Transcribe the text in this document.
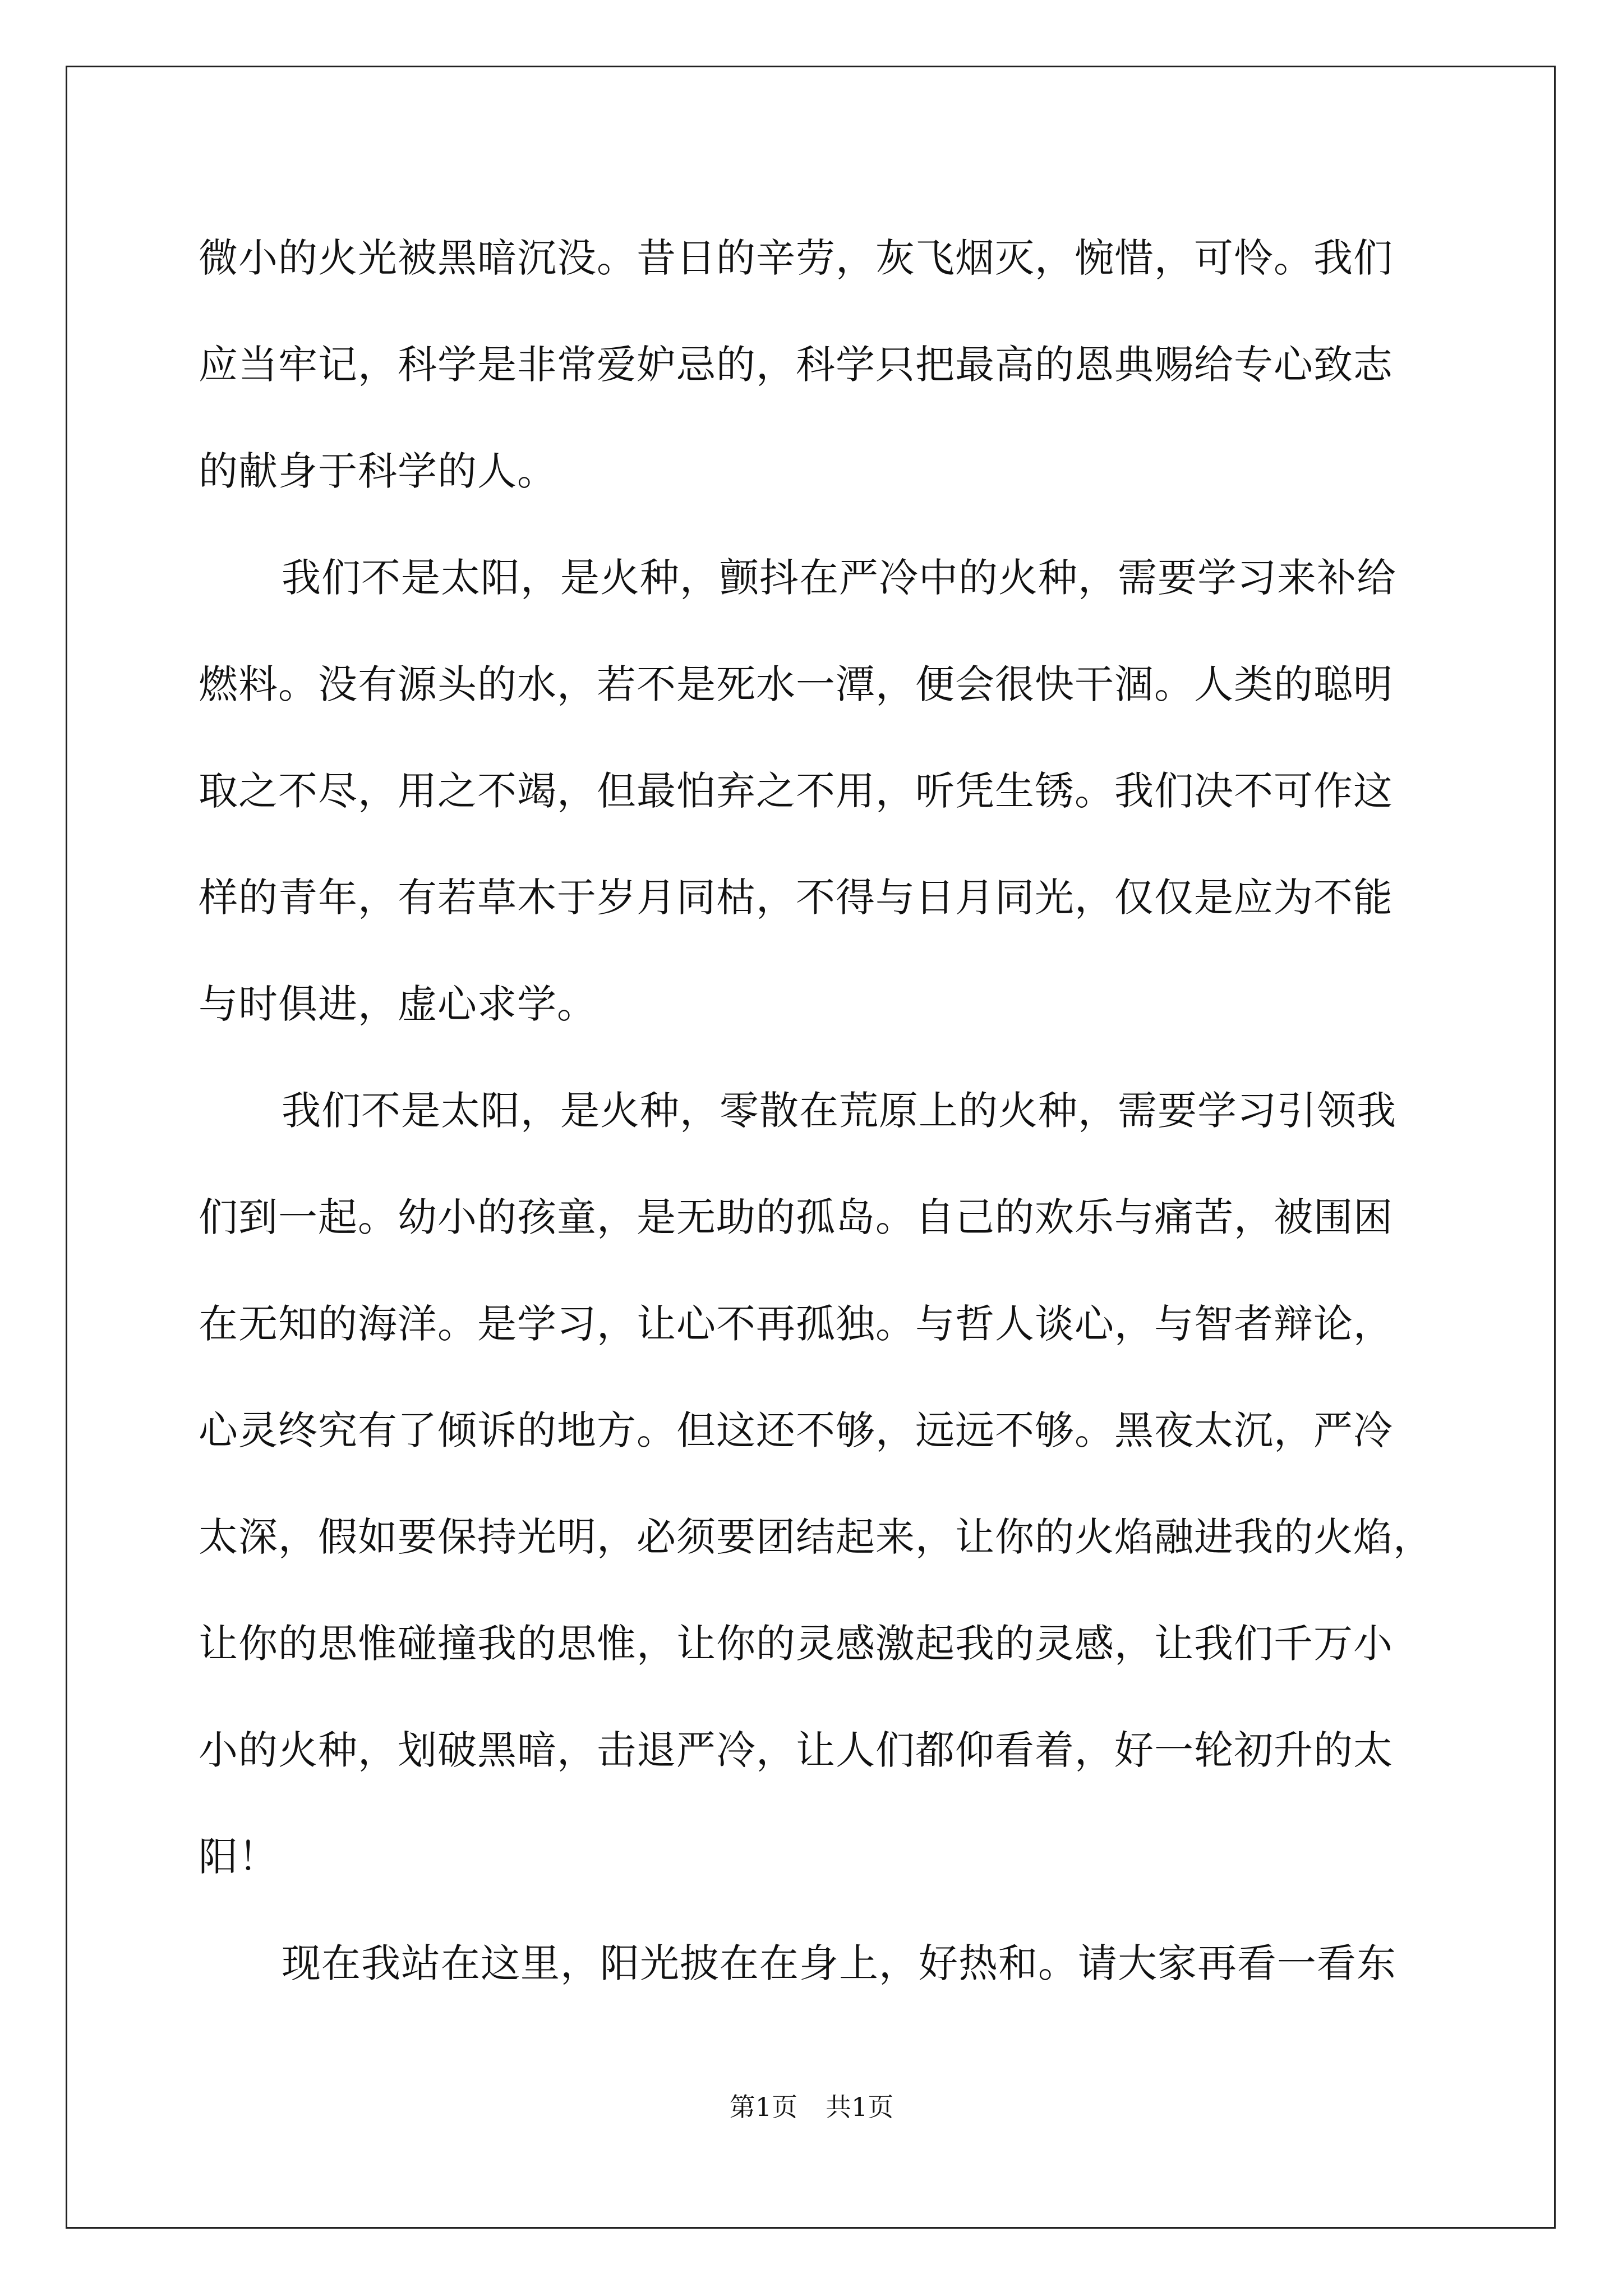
微小的火光被黑暗沉没。昔日的辛劳，灰飞烟灭，惋惜，可怜。我们
应当牢记，科学是非常爱妒忌的，科学只把最高的恩典赐给专心致志
的献身于科学的人。
我们不是太阳，是火种，颤抖在严冷中的火种，需要学习来补给
燃料。没有源头的水，若不是死水一潭，便会很快干涸。人类的聪明
取之不尽，用之不竭，但最怕弃之不用，听凭生锈。我们决不可作这
样的青年，有若草木于岁月同枯，不得与日月同光，仅仅是应为不能
与时俱进，虚心求学。
我们不是太阳，是火种，零散在荒原上的火种，需要学习引领我
们到一起。幼小的孩童，是无助的孤岛。自己的欢乐与痛苦，被围困
在无知的海洋。是学习，让心不再孤独。与哲人谈心，与智者辩论，
心灵终究有了倾诉的地方。但这还不够，远远不够。黑夜太沉，严冷
太深，假如要保持光明，必须要团结起来，让你的火焰融进我的火焰，
让你的思惟碰撞我的思惟，让你的灵感激起我的灵感，让我们千万小
小的火种，划破黑暗，击退严冷，让人们都仰看着，好一轮初升的太
阳！
现在我站在这里，阳光披在在身上，好热和。请大家再看一看东
第1页 共1页
